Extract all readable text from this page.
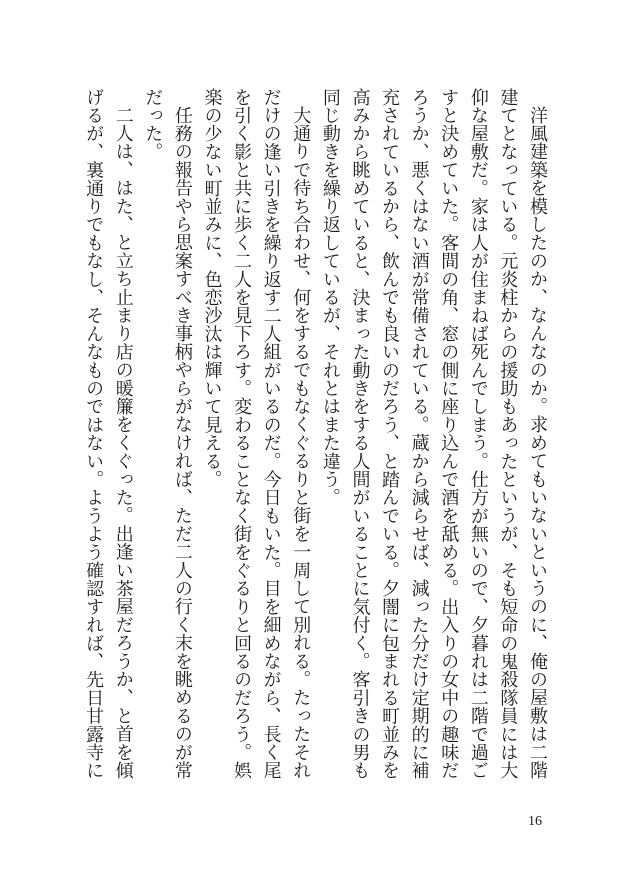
洋風建築を模したのか、なんなのか。求めてもいないというのに、俺の屋敷は二階建てとなっている。元炎柱からの援助もあったというが、そも短命の鬼殺隊員には大仰な屋敷だ。家は人が住まねば死んでしまう。仕方が無いので、夕暮れは二階で過ごすと決めていた。客間の角、窓の側に座り込んで酒を舐める。出入りの女中の趣味だろうか、悪くはない酒が常備されている。蔵から減らせば、減った分だけ定期的に補充されているから、飲んでも良いのだろう、と踏んでいる。夕闇に包まれる町並みを高みから眺めていると、決まった動きをする人間がいることに気付く。客引きの男も同じ動きを繰り返しているが、それとはまた違う。

大通りで待ち合わせ、何をするでもなくぐるりと街を一周して別れる。たったそれだけの逢い引きを繰り返す二人組がいるのだ。今日もいた。目を細めながら、長く尾を引く影と共に歩く二人を見下ろす。変わることなく街をぐるりと回るのだろう。娯楽の少ない町並みに、色恋沙汰は輝いて見える。

任務の報告やら思案すべき事柄やらがなければ、ただ二人の行く末を眺めるのが常だった。

二人は、はた、と立ち止まり店の暖簾をくぐった。出逢い茶屋だろうか、と首を傾げるが、裏通りでもなし、そんなものではない。ようよう確認すれば、先日甘露寺に

16
